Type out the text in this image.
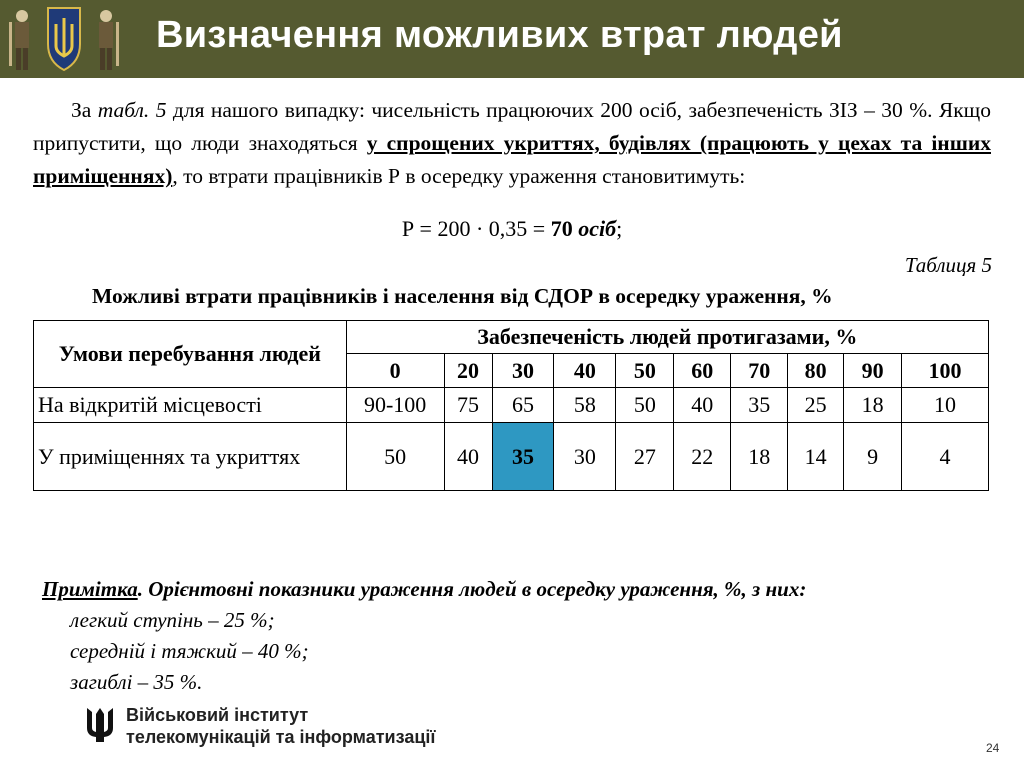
Визначення можливих втрат людей
За табл. 5 для нашого випадку: чисельність працюючих 200 осіб, забезпеченість ЗІЗ – 30 %. Якщо припустити, що люди знаходяться у спрощених укриттях, будівлях (працюють у цехах та інших приміщеннях), то втрати працівників Р в осередку ураження становитимуть:
Р = 200 · 0,35 = 70 осіб;
Таблиця 5
Можливі втрати працівників і населення від СДОР в осередку ураження, %
Умови перебування людей	Забезпеченість людей протигазами, %									
	0	20	30	40	50	60	70	80	90	100
На відкритій місцевості	90-100	75	65	58	50	40	35	25	18	10
У приміщеннях та укриттях	50	40	35	30	27	22	18	14	9	4
Примітка. Орієнтовні показники ураження людей в осередку ураження, %, з них:
легкий ступінь – 25 %;
середній і тяжкий – 40 %;
загиблі – 35 %.
Військовий інститут
телекомунікацій та інформатизації
24
